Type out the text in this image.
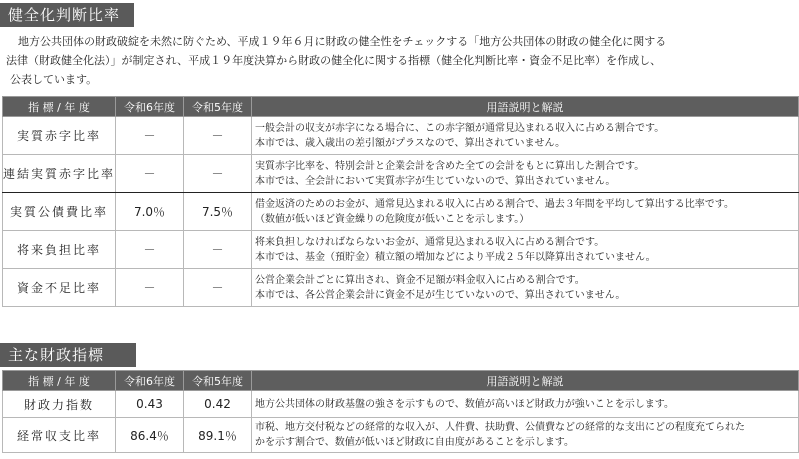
健全化判断比率

地方公共団体の財政破綻を未然に防ぐため、平成１９年６月に財政の健全性をチェックする「地方公共団体の財政の健全化に関する

法律（財政健全化法）」が制定され、平成１９年度決算から財政の健全化に関する指標（健全化判断比率・資金不足比率）を作成し、

公表しています。

指 標 / 年 度	令和6年度	令和5年度	用語説明と解説
実質赤字比率	－	－	一般会計の収支が赤字になる場合に、この赤字額が通常見込まれる収入に占める割合です。
本市では、歳入歳出の差引額がプラスなので、算出されていません。

連結実質赤字比率	－	－	実質赤字比率を、特別会計と企業会計を含めた全ての会計をもとに算出した割合です。
本市では、全会計において実質赤字が生じていないので、算出されていません。

実質公債費比率	7.0％	7.5％	借金返済のためのお金が、通常見込まれる収入に占める割合で、過去３年間を平均して算出する比率です。
（数値が低いほど資金繰りの危険度が低いことを示します。）

将来負担比率	－	－	将来負担しなければならないお金が、通常見込まれる収入に占める割合です。
本市では、基金（預貯金）積立額の増加などにより平成２５年以降算出されていません。

資金不足比率	－	－	公営企業会計ごとに算出され、資金不足額が料金収入に占める割合です。
本市では、各公営企業会計に資金不足が生じていないので、算出されていません。
主な財政指標
指 標 / 年 度	令和6年度	令和5年度	用語説明と解説
財政力指数	0.43	0.42	地方公共団体の財政基盤の強さを示すもので、数値が高いほど財政力が強いことを示します。

経常収支比率	86.4％	89.1％	市税、地方交付税などの経常的な収入が、人件費、扶助費、公債費などの経常的な支出にどの程度充てられた
かを示す割合で、数値が低いほど財政に自由度があることを示します。
